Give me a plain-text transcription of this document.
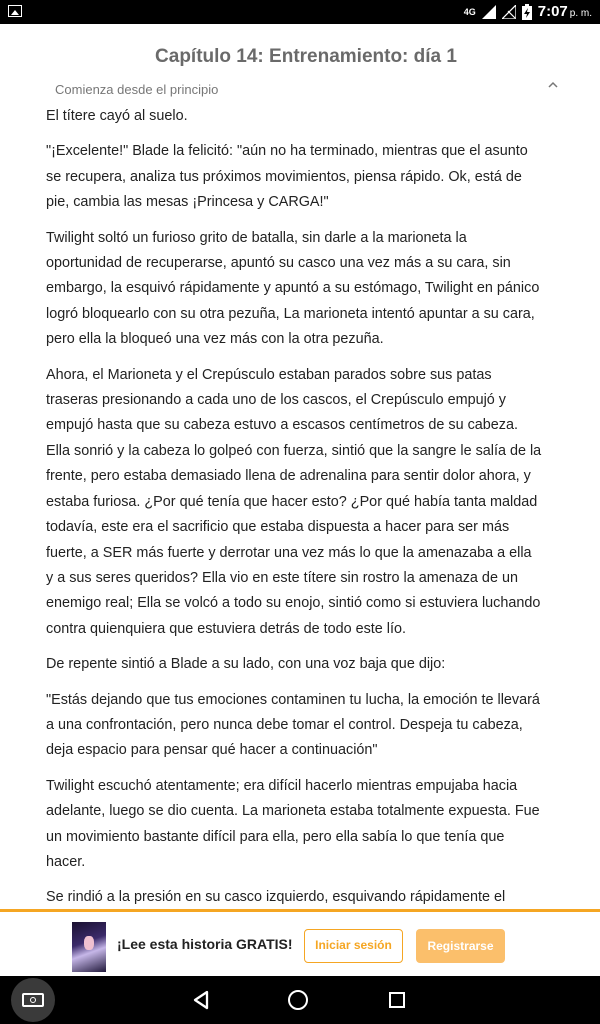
4G	7:07 p. m.
Capítulo 14: Entrenamiento: día 1
Comienza desde el principio

El títere cayó al suelo.

"¡Excelente!" Blade la felicitó: "aún no ha terminado, mientras que el asunto se recupera, analiza tus próximos movimientos, piensa rápido. Ok, está de pie, cambia las mesas ¡Princesa y CARGA!"

Twilight soltó un furioso grito de batalla, sin darle a la marioneta la oportunidad de recuperarse, apuntó su casco una vez más a su cara, sin embargo, la esquivó rápidamente y apuntó a su estómago, Twilight en pánico logró bloquearlo con su otra pezuña, La marioneta intentó apuntar a su cara, pero ella la bloqueó una vez más con la otra pezuña.

Ahora, el Marioneta y el Crepúsculo estaban parados sobre sus patas traseras presionando a cada uno de los cascos, el Crepúsculo empujó y empujó hasta que su cabeza estuvo a escasos centímetros de su cabeza. Ella sonrió y la cabeza lo golpeó con fuerza, sintió que la sangre le salía de la frente, pero estaba demasiado llena de adrenalina para sentir dolor ahora, y estaba furiosa. ¿Por qué tenía que hacer esto? ¿Por qué había tanta maldad todavía, este era el sacrificio que estaba dispuesta a hacer para ser más fuerte, a SER más fuerte y derrotar una vez más lo que la amenazaba a ella y a sus seres queridos? Ella vio en este títere sin rostro la amenaza de un enemigo real; Ella se volcó a todo su enojo, sintió como si estuviera luchando contra quienquiera que estuviera detrás de todo este lío.

De repente sintió a Blade a su lado, con una voz baja que dijo:

"Estás dejando que tus emociones contaminen tu lucha, la emoción te llevará a una confrontación, pero nunca debe tomar el control. Despeja tu cabeza, deja espacio para pensar qué hacer a continuación"

Twilight escuchó atentamente; era difícil hacerlo mientras empujaba hacia adelante, luego se dio cuenta. La marioneta estaba totalmente expuesta. Fue un movimiento bastante difícil para ella, pero ella sabía lo que tenía que hacer.

Se rindió a la presión en su casco izquierdo, esquivando rápidamente el

¡Lee esta historia GRATIS!	Iniciar sesión	Registrarse
